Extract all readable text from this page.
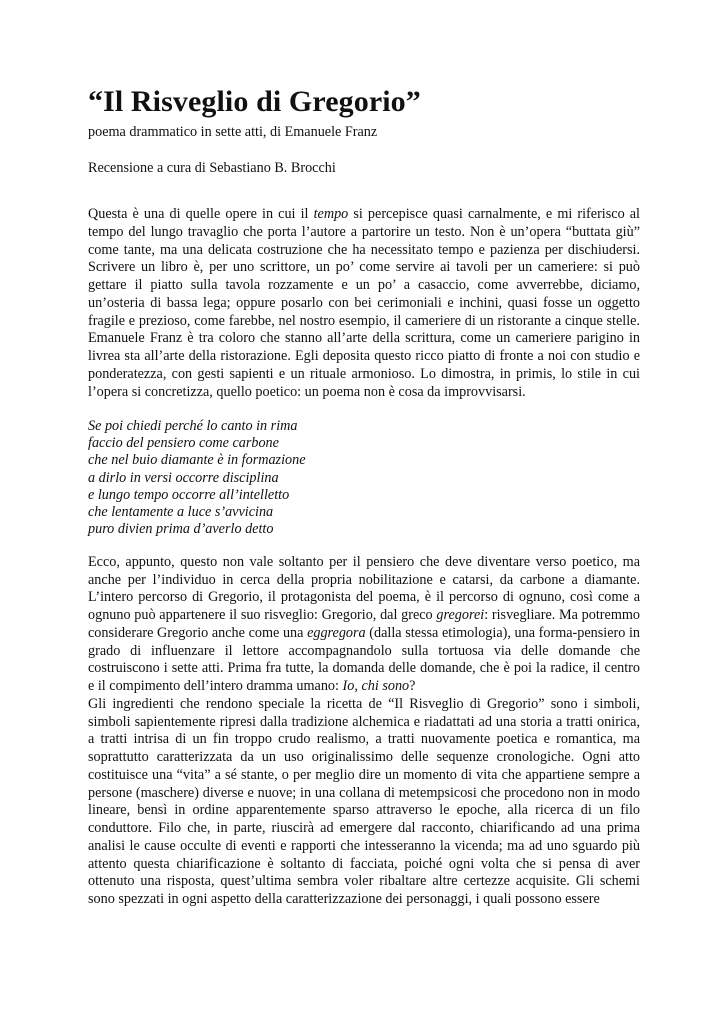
“Il Risveglio di Gregorio”

poema drammatico in sette atti, di Emanuele Franz

Recensione a cura di Sebastiano B. Brocchi

Questa è una di quelle opere in cui il tempo si percepisce quasi carnalmente, e mi riferisco al tempo del lungo travaglio che porta l’autore a partorire un testo. Non è un’opera “buttata giù” come tante, ma una delicata costruzione che ha necessitato tempo e pazienza per dischiudersi. Scrivere un libro è, per uno scrittore, un po’ come servire ai tavoli per un cameriere: si può gettare il piatto sulla tavola rozzamente e un po’ a casaccio, come avverrebbe, diciamo, un’osteria di bassa lega; oppure posarlo con bei cerimoniali e inchini, quasi fosse un oggetto fragile e prezioso, come farebbe, nel nostro esempio, il cameriere di un ristorante a cinque stelle. Emanuele Franz è tra coloro che stanno all’arte della scrittura, come un cameriere parigino in livrea sta all’arte della ristorazione. Egli deposita questo ricco piatto di fronte a noi con studio e ponderatezza, con gesti sapienti e un rituale armonioso. Lo dimostra, in primis, lo stile in cui l’opera si concretizza, quello poetico: un poema non è cosa da improvvisarsi.

Se poi chiedi perché lo canto in rima
faccio del pensiero come carbone
che nel buio diamante è in formazione
a dirlo in versi occorre disciplina
e lungo tempo occorre all’intelletto
che lentamente a luce s’avvicina
puro divien prima d’averlo detto

Ecco, appunto, questo non vale soltanto per il pensiero che deve diventare verso poetico, ma anche per l’individuo in cerca della propria nobilitazione e catarsi, da carbone a diamante. L’intero percorso di Gregorio, il protagonista del poema, è il percorso di ognuno, così come a ognuno può appartenere il suo risveglio: Gregorio, dal greco gregorei: risvegliare. Ma potremmo considerare Gregorio anche come una eggregora (dalla stessa etimologia), una forma-pensiero in grado di influenzare il lettore accompagnandolo sulla tortuosa via delle domande che costruiscono i sette atti. Prima fra tutte, la domanda delle domande, che è poi la radice, il centro e il compimento dell’intero dramma umano: Io, chi sono?

Gli ingredienti che rendono speciale la ricetta de “Il Risveglio di Gregorio” sono i simboli, simboli sapientemente ripresi dalla tradizione alchemica e riadattati ad una storia a tratti onirica, a tratti intrisa di un fin troppo crudo realismo, a tratti nuovamente poetica e romantica, ma soprattutto caratterizzata da un uso originalissimo delle sequenze cronologiche. Ogni atto costituisce una “vita” a sé stante, o per meglio dire un momento di vita che appartiene sempre a persone (maschere) diverse e nuove; in una collana di metempsicosi che procedono non in modo lineare, bensì in ordine apparentemente sparso attraverso le epoche, alla ricerca di un filo conduttore. Filo che, in parte, riuscirà ad emergere dal racconto, chiarificando ad una prima analisi le cause occulte di eventi e rapporti che intesseranno la vicenda; ma ad uno sguardo più attento questa chiarificazione è soltanto di facciata, poiché ogni volta che si pensa di aver ottenuto una risposta, quest’ultima sembra voler ribaltare altre certezze acquisite. Gli schemi sono spezzati in ogni aspetto della caratterizzazione dei personaggi, i quali possono essere
